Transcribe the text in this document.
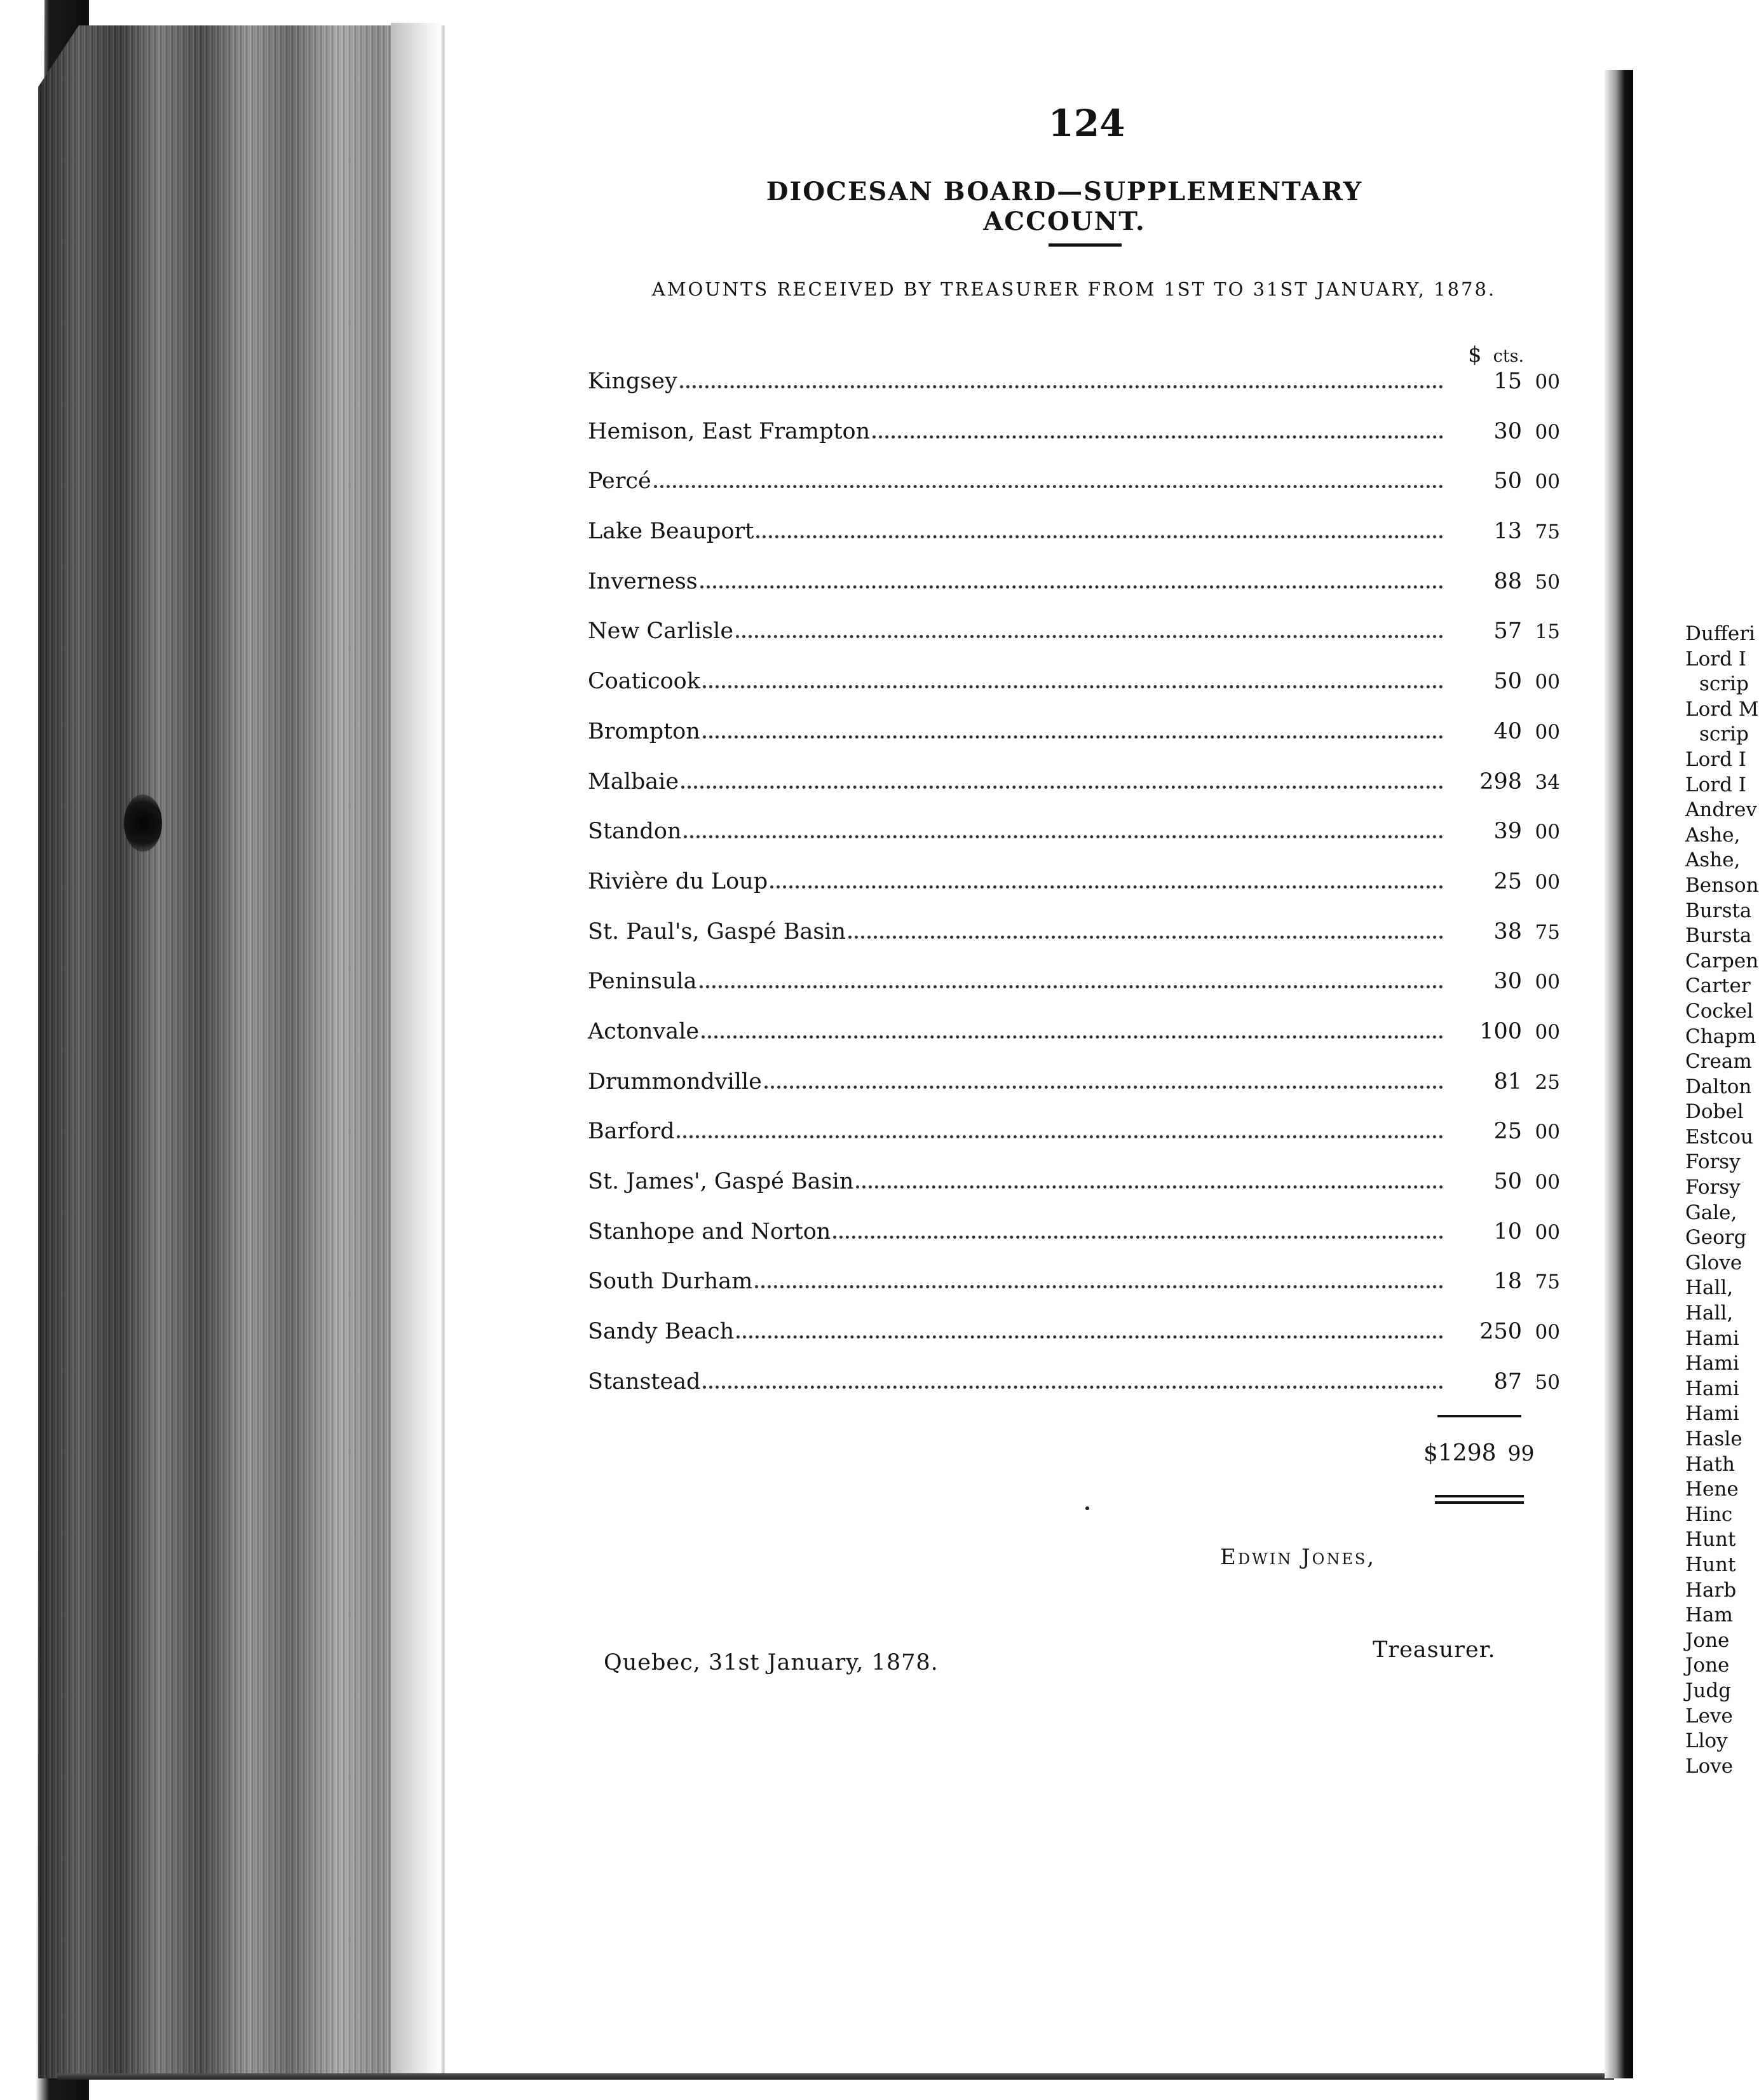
Dufferi
Lord I
scrip
Lord M
scrip
Lord I
Lord I
Andrev
Ashe,
Ashe,
Benson
Bursta
Bursta
Carpen
Carter
Cockel
Chapm
Cream
Dalton
Dobel
Estcou
Forsy
Forsy
Gale,
Georg
Glove
Hall,
Hall,
Hami
Hami
Hami
Hami
Hasle
Hath
Hene
Hinc
Hunt
Hunt
Harb
Ham
Jone
Jone
Judg
Leve
Lloy
Love
124
DIOCESAN BOARD—SUPPLEMENTARY ACCOUNT.
AMOUNTS RECEIVED BY TREASURER FROM 1ST TO 31ST JANUARY, 1878.
$ cts.
Kingsey	15 00
Hemison, East Frampton	30 00
Percé	50 00
Lake Beauport	13 75
Inverness	88 50
New Carlisle	57 15
Coaticook	50 00
Brompton	40 00
Malbaie	298 34
Standon	39 00
Rivière du Loup	25 00
St. Paul's, Gaspé Basin	38 75
Peninsula	30 00
Actonvale	100 00
Drummondville	81 25
Barford	25 00
St. James', Gaspé Basin	50 00
Stanhope and Norton	10 00
South Durham	18 75
Sandy Beach	250 00
Stanstead	87 50
$1298 99
Edwin Jones,
Treasurer.
Quebec, 31st January, 1878.
